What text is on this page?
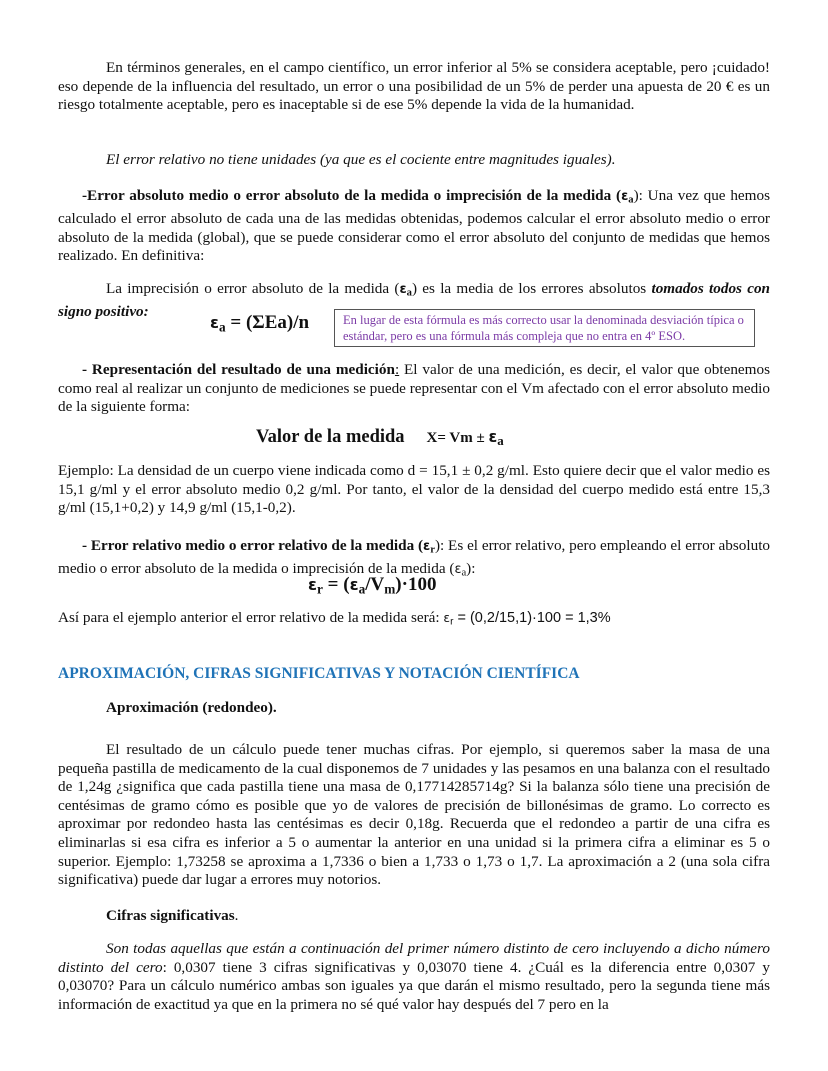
En términos generales, en el campo científico, un error inferior al 5% se considera aceptable, pero ¡cuidado! eso depende de la influencia del resultado, un error o una posibilidad de un 5% de perder una apuesta de 20 € es un riesgo totalmente aceptable, pero es inaceptable si de ese 5% depende la vida de la humanidad.

El error relativo no tiene unidades (ya que es el cociente entre magnitudes iguales).

-Error absoluto medio o error absoluto de la medida o imprecisión de la medida $(\varepsilon_a)$: Una vez que hemos calculado el error absoluto de cada una de las medidas obtenidas, podemos calcular el error absoluto medio o error absoluto de la medida (global), que se puede considerar como el error absoluto del conjunto de medidas que hemos realizado. En definitiva:

La imprecisión o error absoluto de la medida $(\varepsilon_a)$ es la media de los errores absolutos tomados todos con signo positivo:

$\varepsilon_a = (\Sigma Ea)/n$	En lugar de esta fórmula es más correcto usar la denominada desviación típica o estándar, pero es una fórmula más compleja que no entra en 4º ESO.

- Representación del resultado de una medición: El valor de una medición, es decir, el valor que obtenemos como real al realizar un conjunto de mediciones se puede representar con el Vm afectado con el error absoluto medio de la siguiente forma:

Valor de la medida $X= Vm \pm \varepsilon_a$

Ejemplo: La densidad de un cuerpo viene indicada como d = 15,1 ± 0,2 g/ml. Esto quiere decir que el valor medio es 15,1 g/ml y el error absoluto medio 0,2 g/ml. Por tanto, el valor de la densidad del cuerpo medido está entre 15,3 g/ml (15,1+0,2) y 14,9 g/ml (15,1-0,2).

- Error relativo medio o error relativo de la medida $(\varepsilon_r)$: Es el error relativo, pero empleando el error absoluto medio o error absoluto de la medida o imprecisión de la medida $(\varepsilon_a)$:

$\varepsilon_r = (\varepsilon_a/V_m)\cdot 100$

Así para el ejemplo anterior el error relativo de la medida será: $\varepsilon_r = (0,2/15,1)\cdot 100 = 1,3\%$

APROXIMACIÓN, CIFRAS SIGNIFICATIVAS Y NOTACIÓN CIENTÍFICA
Aproximación (redondeo).

El resultado de un cálculo puede tener muchas cifras. Por ejemplo, si queremos saber la masa de una pequeña pastilla de medicamento de la cual disponemos de 7 unidades y las pesamos en una balanza con el resultado de 1,24g ¿significa que cada pastilla tiene una masa de 0,17714285714g? Si la balanza sólo tiene una precisión de centésimas de gramo cómo es posible que yo de valores de precisión de billonésimas de gramo. Lo correcto es aproximar por redondeo hasta las centésimas es decir 0,18g. Recuerda que el redondeo a partir de una cifra es eliminarlas si esa cifra es inferior a 5 o aumentar la anterior en una unidad si la primera cifra a eliminar es 5 o superior. Ejemplo: 1,73258 se aproxima a 1,7336 o bien a 1,733 o 1,73 o 1,7. La aproximación a 2 (una sola cifra significativa) puede dar lugar a errores muy notorios.

Cifras significativas.

Son todas aquellas que están a continuación del primer número distinto de cero incluyendo a dicho número distinto del cero: 0,0307 tiene 3 cifras significativas y 0,03070 tiene 4. ¿Cuál es la diferencia entre 0,0307 y 0,03070? Para un cálculo numérico ambas son iguales ya que darán el mismo resultado, pero la segunda tiene más información de exactitud ya que en la primera no sé qué valor hay después del 7 pero en la
